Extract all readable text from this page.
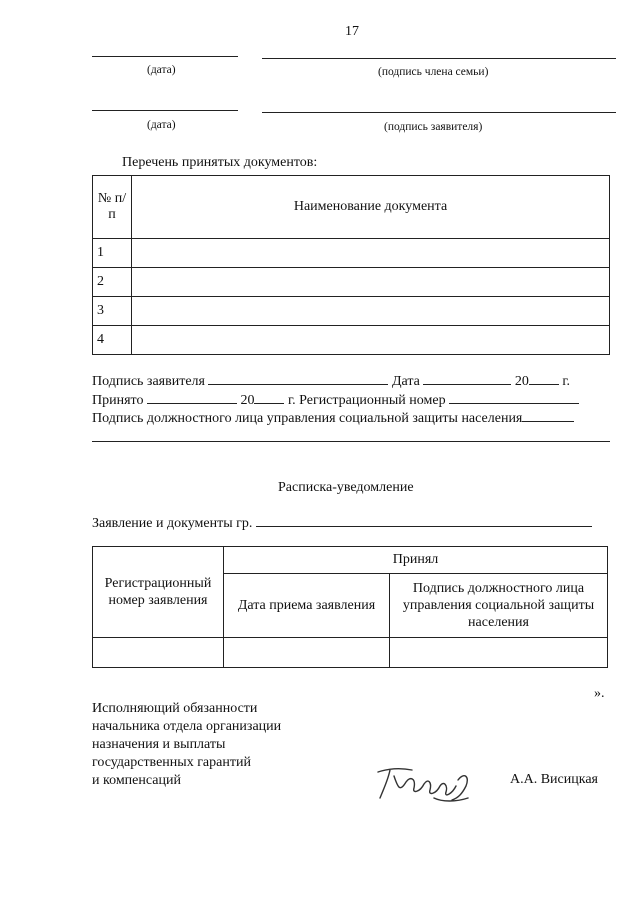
17
(дата)	(подпись члена семьи)
(дата)	(подпись заявителя)
Перечень принятых документов:
№ п/п	Наименование документа
1	
2	
3	
4	
Подпись заявителя	Дата	20 г.
Принято	20 г. Регистрационный номер
Подпись должностного лица управления социальной защиты населения
Расписка-уведомление
Заявление и документы гр.
Регистрационный номер заявления	Принял	
	Дата приема заявления	Подпись должностного лица управления социальной защиты населения

».
Исполняющий обязанности
начальника отдела организации
назначения и выплаты
государственных гарантий
и компенсаций	А.А. Висицкая
